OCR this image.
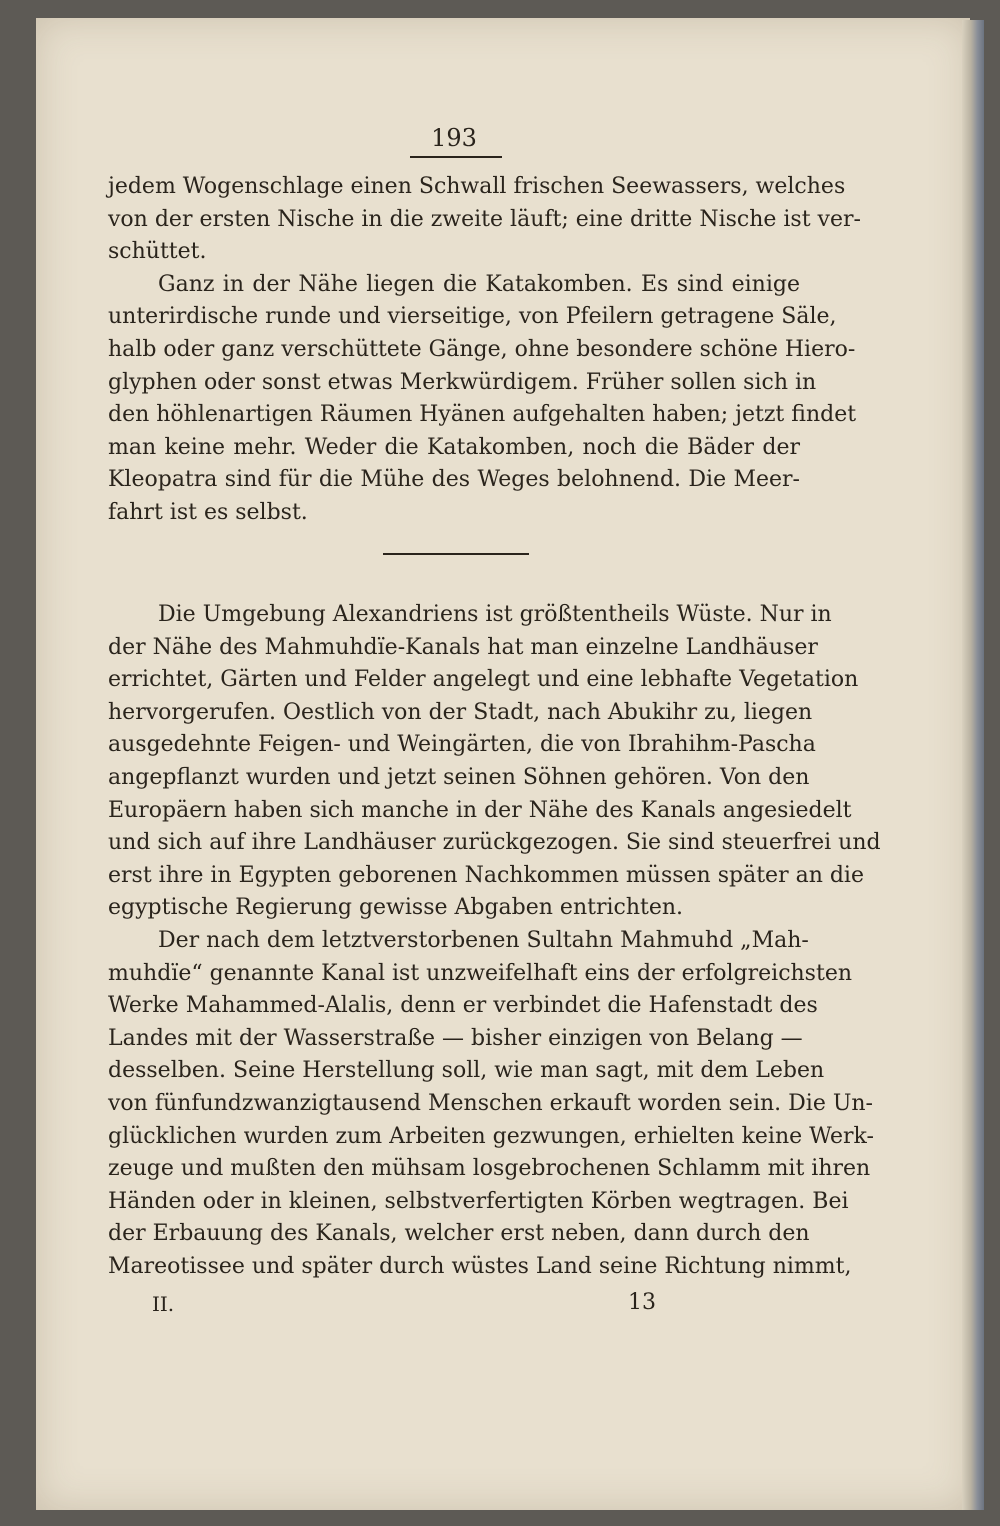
193
jedem Wogenschlage einen Schwall frischen Seewassers, welches
von der ersten Nische in die zweite läuft; eine dritte Nische ist ver-
schüttet.
Ganz in der Nähe liegen die Katakomben. Es sind einige
unterirdische runde und vierseitige, von Pfeilern getragene Säle,
halb oder ganz verschüttete Gänge, ohne besondere schöne Hiero-
glyphen oder sonst etwas Merkwürdigem. Früher sollen sich in
den höhlenartigen Räumen Hyänen aufgehalten haben; jetzt findet
man keine mehr. Weder die Katakomben, noch die Bäder der
Kleopatra sind für die Mühe des Weges belohnend. Die Meer-
fahrt ist es selbst.
Die Umgebung Alexandriens ist größtentheils Wüste. Nur in
der Nähe des Mahmuhdïe-Kanals hat man einzelne Landhäuser
errichtet, Gärten und Felder angelegt und eine lebhafte Vegetation
hervorgerufen. Oestlich von der Stadt, nach Abukihr zu, liegen
ausgedehnte Feigen- und Weingärten, die von Ibrahihm-Pascha
angepflanzt wurden und jetzt seinen Söhnen gehören. Von den
Europäern haben sich manche in der Nähe des Kanals angesiedelt
und sich auf ihre Landhäuser zurückgezogen. Sie sind steuerfrei und
erst ihre in Egypten geborenen Nachkommen müssen später an die
egyptische Regierung gewisse Abgaben entrichten.
Der nach dem letztverstorbenen Sultahn Mahmuhd „Mah-
muhdïe“ genannte Kanal ist unzweifelhaft eins der erfolgreichsten
Werke Mahammed-Alalis, denn er verbindet die Hafenstadt des
Landes mit der Wasserstraße — bisher einzigen von Belang —
desselben. Seine Herstellung soll, wie man sagt, mit dem Leben
von fünfundzwanzigtausend Menschen erkauft worden sein. Die Un-
glücklichen wurden zum Arbeiten gezwungen, erhielten keine Werk-
zeuge und mußten den mühsam losgebrochenen Schlamm mit ihren
Händen oder in kleinen, selbstverfertigten Körben wegtragen. Bei
der Erbauung des Kanals, welcher erst neben, dann durch den
Mareotissee und später durch wüstes Land seine Richtung nimmt,
II.	13
